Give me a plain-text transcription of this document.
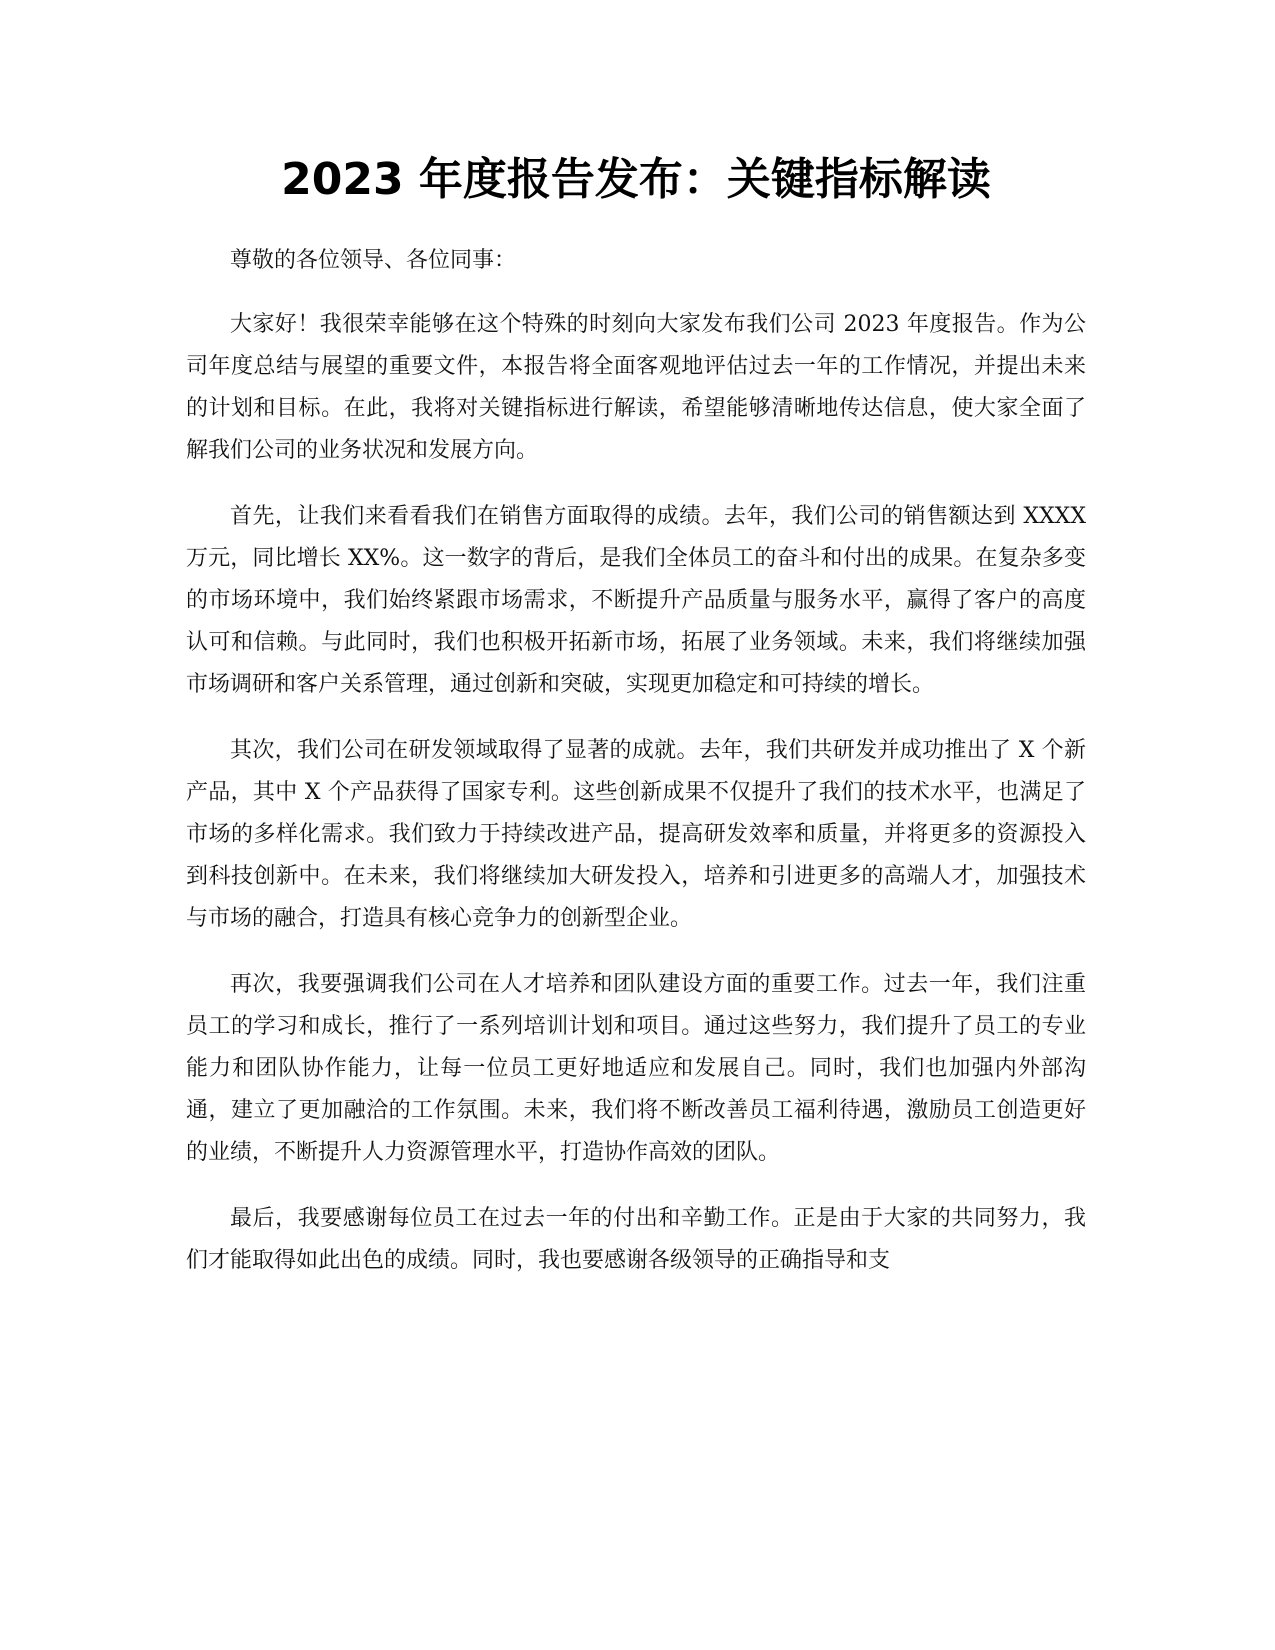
2023 年度报告发布：关键指标解读

尊敬的各位领导、各位同事：

大家好！我很荣幸能够在这个特殊的时刻向大家发布我们公司 2023 年度报告。作为公司年度总结与展望的重要文件，本报告将全面客观地评估过去一年的工作情况，并提出未来的计划和目标。在此，我将对关键指标进行解读，希望能够清晰地传达信息，使大家全面了解我们公司的业务状况和发展方向。

首先，让我们来看看我们在销售方面取得的成绩。去年，我们公司的销售额达到 XXXX 万元，同比增长 XX%。这一数字的背后，是我们全体员工的奋斗和付出的成果。在复杂多变的市场环境中，我们始终紧跟市场需求，不断提升产品质量与服务水平，赢得了客户的高度认可和信赖。与此同时，我们也积极开拓新市场，拓展了业务领域。未来，我们将继续加强市场调研和客户关系管理，通过创新和突破，实现更加稳定和可持续的增长。

其次，我们公司在研发领域取得了显著的成就。去年，我们共研发并成功推出了 X 个新产品，其中 X 个产品获得了国家专利。这些创新成果不仅提升了我们的技术水平，也满足了市场的多样化需求。我们致力于持续改进产品，提高研发效率和质量，并将更多的资源投入到科技创新中。在未来，我们将继续加大研发投入，培养和引进更多的高端人才，加强技术与市场的融合，打造具有核心竞争力的创新型企业。

再次，我要强调我们公司在人才培养和团队建设方面的重要工作。过去一年，我们注重员工的学习和成长，推行了一系列培训计划和项目。通过这些努力，我们提升了员工的专业能力和团队协作能力，让每一位员工更好地适应和发展自己。同时，我们也加强内外部沟通，建立了更加融洽的工作氛围。未来，我们将不断改善员工福利待遇，激励员工创造更好的业绩，不断提升人力资源管理水平，打造协作高效的团队。

最后，我要感谢每位员工在过去一年的付出和辛勤工作。正是由于大家的共同努力，我们才能取得如此出色的成绩。同时，我也要感谢各级领导的正确指导和支
